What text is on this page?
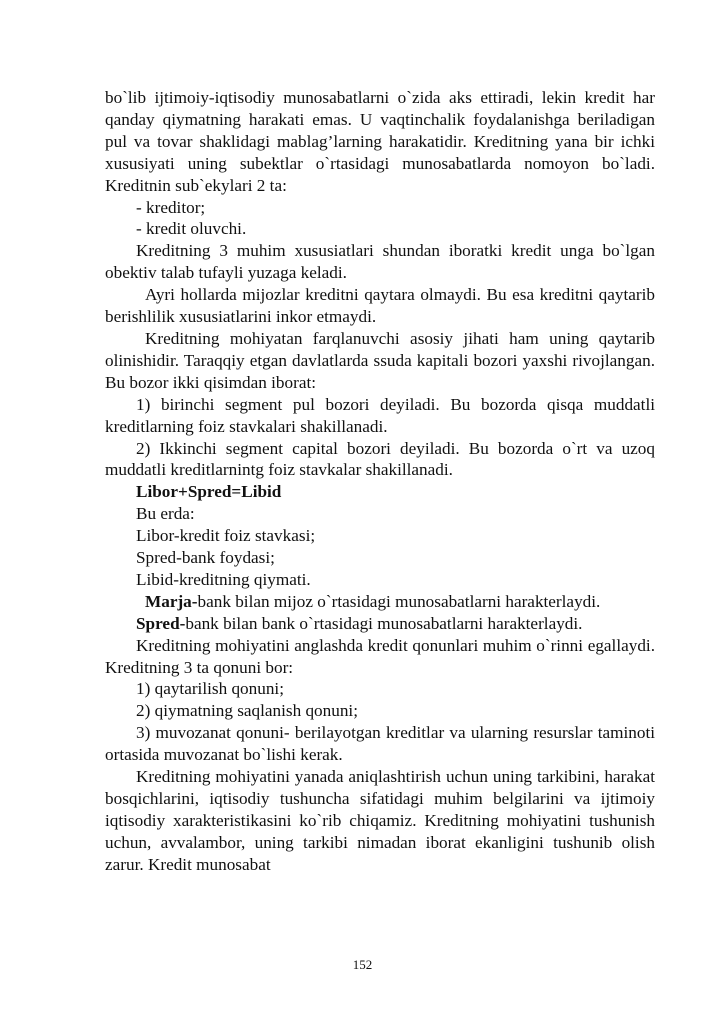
bo`lib ijtimoiy-iqtisodiy munosabatlarni o`zida aks ettiradi, lekin kredit har qanday qiymatning harakati emas. U vaqtinchalik foydalanishga beriladigan pul va tovar shaklidagi mablag’larning harakatidir. Kreditning yana bir ichki xususiyati uning subektlar o`rtasidagi munosabatlarda nomoyon bo`ladi. Kreditnin sub`ekylari 2 ta:

- kreditor;

- kredit oluvchi.

Kreditning 3 muhim xususiatlari shundan iboratki kredit unga bo`lgan obektiv talab tufayli yuzaga keladi.

Ayri hollarda mijozlar kreditni qaytara olmaydi. Bu esa kreditni qaytarib berishlilik xususiatlarini inkor etmaydi.

Kreditning mohiyatan farqlanuvchi asosiy jihati ham uning qaytarib olinishidir. Taraqqiy etgan davlatlarda ssuda kapitali bozori yaxshi rivojlangan. Bu bozor ikki qisimdan iborat:

1) birinchi segment pul bozori deyiladi. Bu bozorda qisqa muddatli kreditlarning foiz stavkalari shakillanadi.

2) Ikkinchi segment capital bozori deyiladi. Bu bozorda o`rt va uzoq muddatli kreditlarnintg foiz stavkalar shakillanadi.

Libor+Spred=Libid

Bu erda:

Libor-kredit foiz stavkasi;

Spred-bank foydasi;

Libid-kreditning qiymati.

Marja-bank bilan mijoz o`rtasidagi munosabatlarni harakterlaydi.

Spred-bank bilan bank o`rtasidagi munosabatlarni harakterlaydi.

Kreditning mohiyatini anglashda kredit qonunlari muhim o`rinni egallaydi. Kreditning 3 ta qonuni bor:

1) qaytarilish qonuni;

2) qiymatning saqlanish qonuni;

3) muvozanat qonuni- berilayotgan kreditlar va ularning resurslar taminoti ortasida muvozanat bo`lishi kerak.

Kreditning mohiyatini yanada aniqlashtirish uchun uning tarkibini, harakat bosqichlarini, iqtisodiy tushuncha sifatidagi muhim belgilarini va ijtimoiy iqtisodiy xarakteristikasini ko`rib chiqamiz. Kreditning mohiyatini tushunish uchun, avvalambor, uning tarkibi nimadan iborat ekanligini tushunib olish zarur. Kredit munosabat

152
